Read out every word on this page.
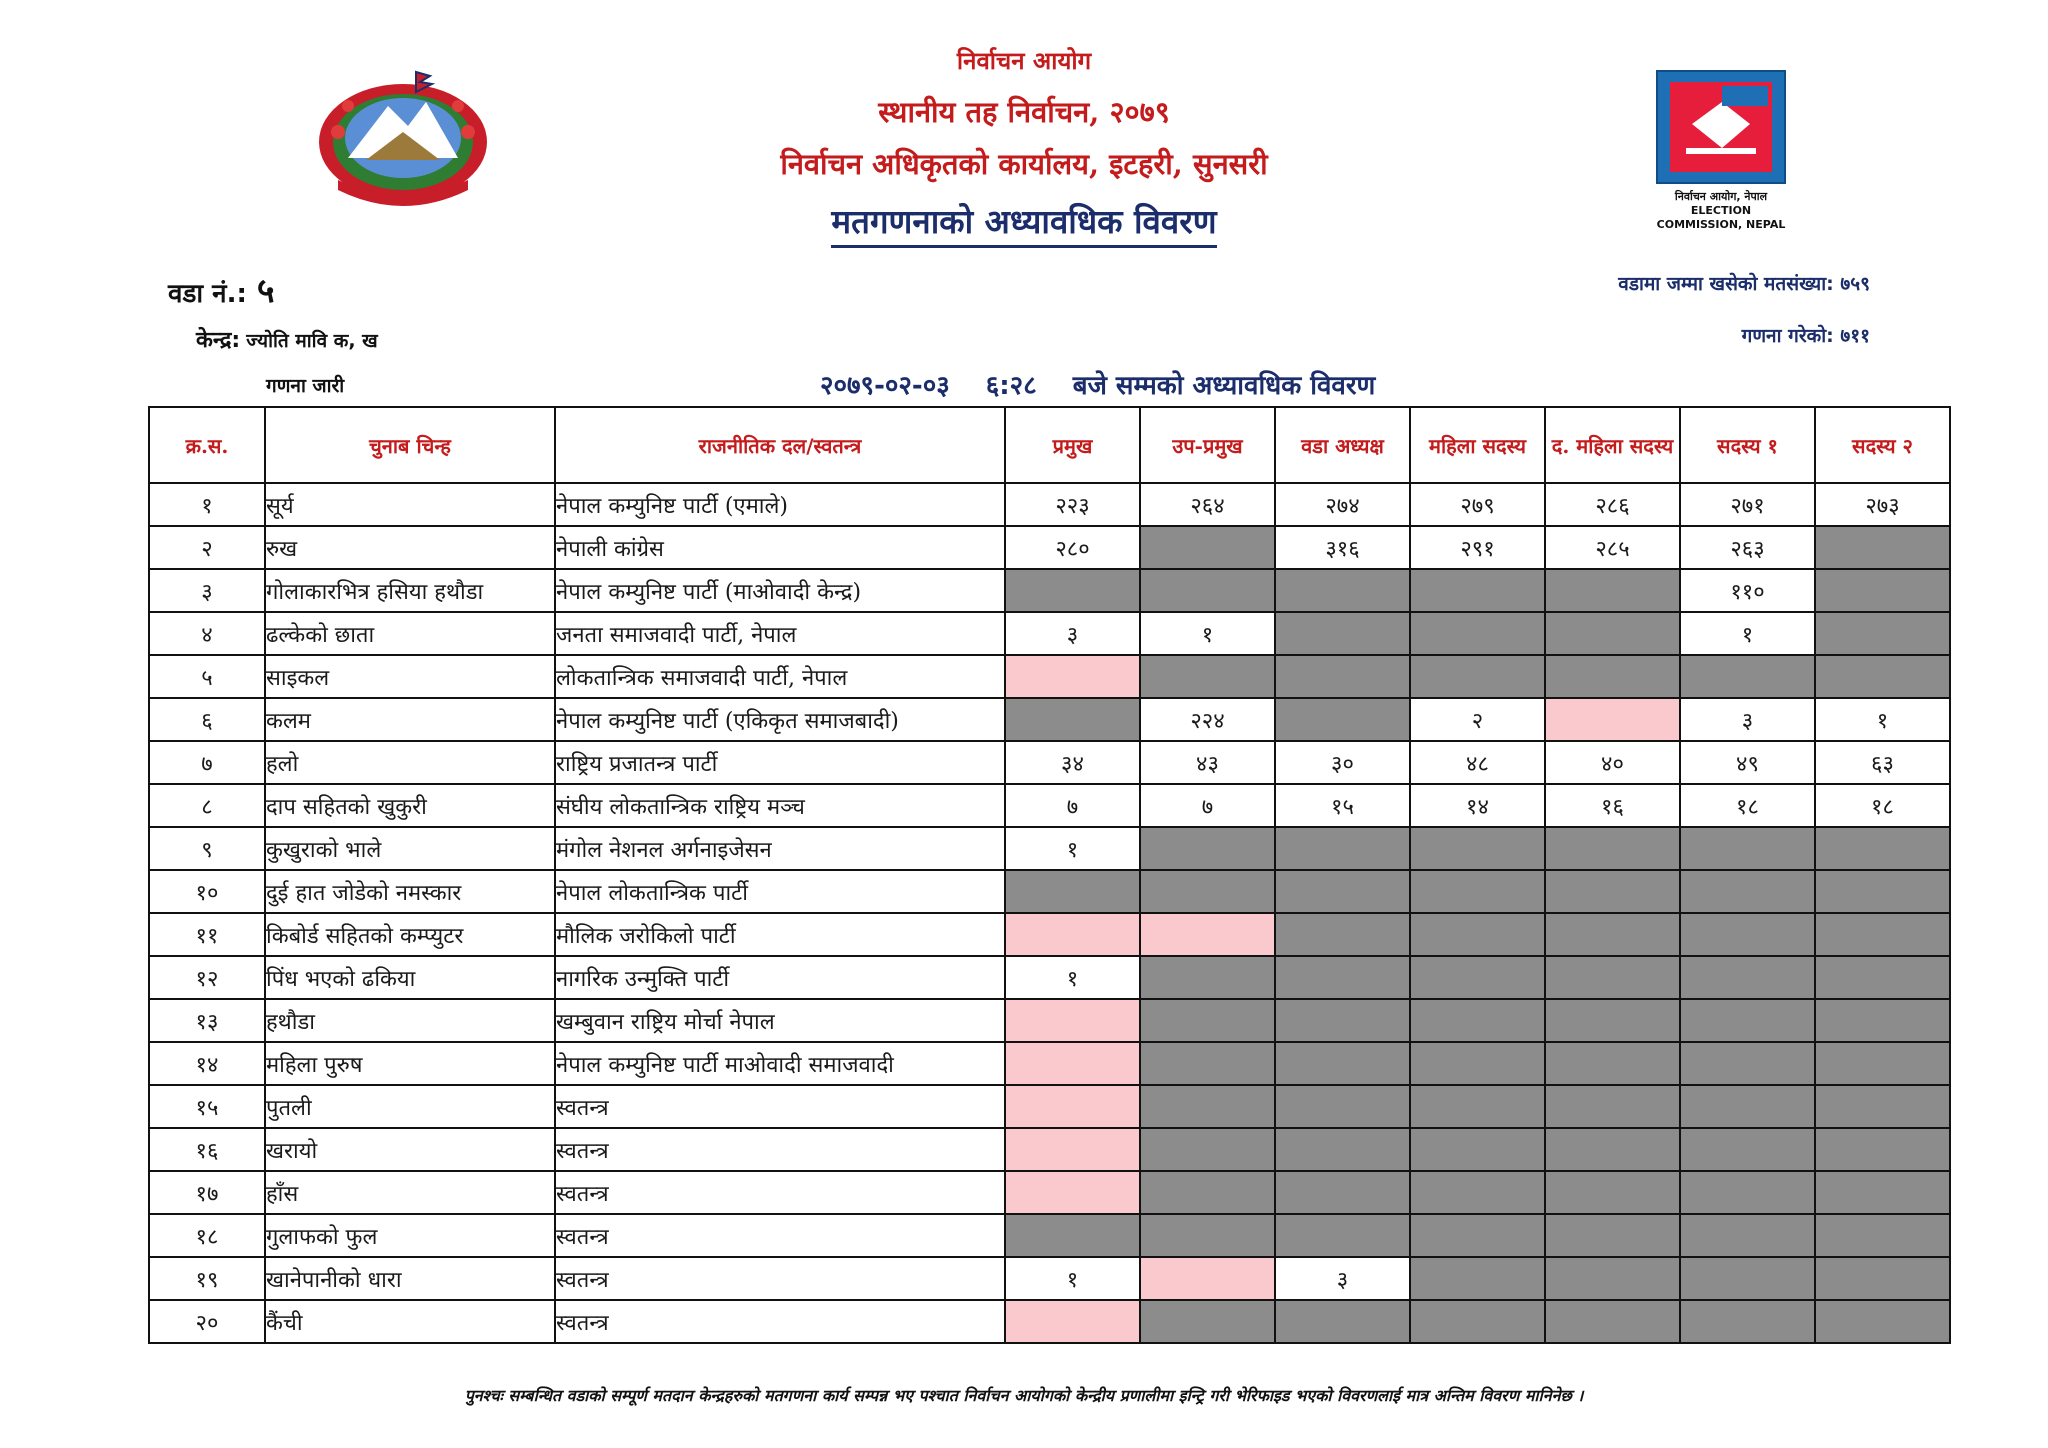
निर्वाचन आयोग
स्थानीय तह निर्वाचन, २०७९
निर्वाचन अधिकृतको कार्यालय, इटहरी, सुनसरी
मतगणनाको अध्यावधिक विवरण
निर्वाचन आयोग, नेपाल
ELECTION COMMISSION, NEPAL
वडा नं.: ५
केन्द्र: ज्योति मावि क, ख
गणना जारी
वडामा जम्मा खसेको मतसंख्या: ७५९
गणना गरेको: ७११
२०७९-०२-०३ ६:२८ बजे सम्मको अध्यावधिक विवरण
क्र.स.	चुनाब चिन्ह	राजनीतिक दल/स्वतन्त्र	प्रमुख	उप-प्रमुख	वडा अध्यक्ष	महिला सदस्य	द. महिला सदस्य	सदस्य १	सदस्य २
१	सूर्य	नेपाल कम्युनिष्ट पार्टी (एमाले)	२२३	२६४	२७४	२७९	२८६	२७१	२७३
२	रुख	नेपाली कांग्रेस	२८०		३१६	२९१	२८५	२६३	
३	गोलाकारभित्र हसिया हथौडा	नेपाल कम्युनिष्ट पार्टी (माओवादी केन्द्र)						११०	
४	ढल्केको छाता	जनता समाजवादी पार्टी, नेपाल	३	१				१	
५	साइकल	लोकतान्त्रिक समाजवादी पार्टी, नेपाल							
६	कलम	नेपाल कम्युनिष्ट पार्टी (एकिकृत समाजबादी)		२२४		२		३	१
७	हलो	राष्ट्रिय प्रजातन्त्र पार्टी	३४	४३	३०	४८	४०	४९	६३
८	दाप सहितको खुकुरी	संघीय लोकतान्त्रिक राष्ट्रिय मञ्च	७	७	१५	१४	१६	१८	१८
९	कुखुराको भाले	मंगोल नेशनल अर्गनाइजेसन	१						
१०	दुई हात जोडेको नमस्कार	नेपाल लोकतान्त्रिक पार्टी							
११	किबोर्ड सहितको कम्प्युटर	मौलिक जरोकिलो पार्टी							
१२	पिंध भएको ढकिया	नागरिक उन्मुक्ति पार्टी	१						
१३	हथौडा	खम्बुवान राष्ट्रिय मोर्चा नेपाल							
१४	महिला पुरुष	नेपाल कम्युनिष्ट पार्टी माओवादी समाजवादी							
१५	पुतली	स्वतन्त्र							
१६	खरायो	स्वतन्त्र							
१७	हाँस	स्वतन्त्र							
१८	गुलाफको फुल	स्वतन्त्र							
१९	खानेपानीको धारा	स्वतन्त्र	१		३				
२०	कैंची	स्वतन्त्र							
पुनश्चः सम्बन्धित वडाको सम्पूर्ण मतदान केन्द्रहरुको मतगणना कार्य सम्पन्न भए पश्चात निर्वाचन आयोगको केन्द्रीय प्रणालीमा इन्ट्रि गरी भेरिफाइड भएको विवरणलाई मात्र अन्तिम विवरण मानिनेछ ।
